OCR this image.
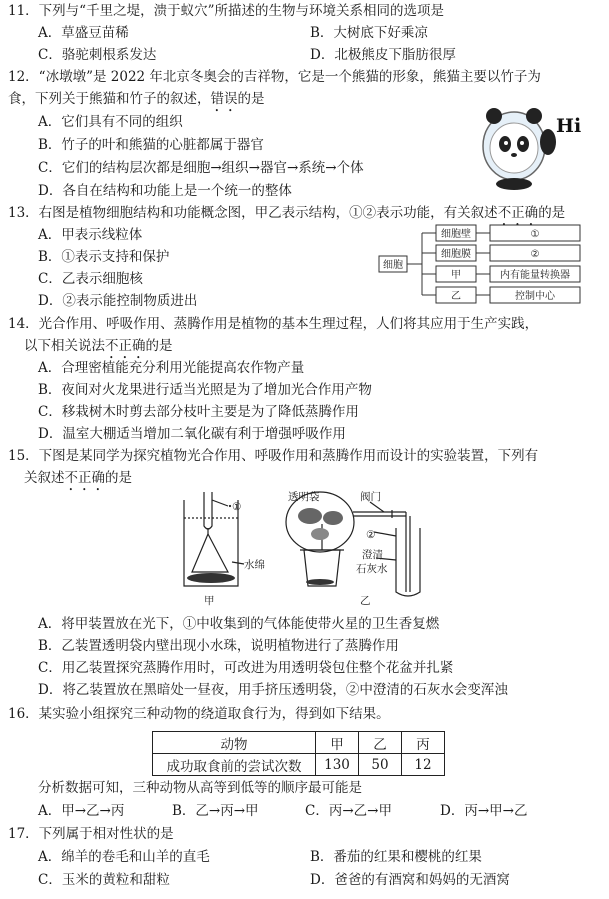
11．下列与“千里之堤，溃于蚁穴”所描述的生物与环境关系相同的选项是
A．草盛豆苗稀	B．大树底下好乘凉
C．骆驼刺根系发达	D．北极熊皮下脂肪很厚
12．“冰墩墩”是 2022 年北京冬奥会的吉祥物，它是一个熊猫的形象，熊猫主要以竹子为
食，下列关于熊猫和竹子的叙述，错误的是
A．它们具有不同的组织
B．竹子的叶和熊猫的心脏都属于器官
C．它们的结构层次都是细胞→组织→器官→系统→个体
D．各自在结构和功能上是一个统一的整体
Hi
13．右图是植物细胞结构和功能概念图，甲乙表示结构，①②表示功能，有关叙述不正确的是
A．甲表示线粒体
B．①表示支持和保护
C．乙表示细胞核
D．②表示能控制物质进出
细胞
细胞壁
细胞膜
甲
乙
①
②
内有能量转换器
控制中心
14．光合作用、呼吸作用、蒸腾作用是植物的基本生理过程，人们将其应用于生产实践，
以下相关说法不正确的是
A．合理密植能充分利用光能提高农作物产量
B．夜间对火龙果进行适当光照是为了增加光合作用产物
C．移栽树木时剪去部分枝叶主要是为了降低蒸腾作用
D．温室大棚适当增加二氧化碳有利于增强呼吸作用
15．下图是某同学为探究植物光合作用、呼吸作用和蒸腾作用而设计的实验装置，下列有
关叙述不正确的是
①
水绵
甲
透明袋	阀门
②
澄清
石灰水
乙
A．将甲装置放在光下，①中收集到的气体能使带火星的卫生香复燃
B．乙装置透明袋内壁出现小水珠，说明植物进行了蒸腾作用
C．用乙装置探究蒸腾作用时，可改进为用透明袋包住整个花盆并扎紧
D．将乙装置放在黑暗处一昼夜，用手挤压透明袋，②中澄清的石灰水会变浑浊
16．某实验小组探究三种动物的绕道取食行为，得到如下结果。
动物	甲	乙	丙
成功取食前的尝试次数	130	50	12
分析数据可知，三种动物从高等到低等的顺序最可能是
A．甲→乙→丙	B．乙→丙→甲	C．丙→乙→甲	D．丙→甲→乙
17．下列属于相对性状的是
A．绵羊的卷毛和山羊的直毛	B．番茄的红果和樱桃的红果
C．玉米的黄粒和甜粒	D．爸爸的有酒窝和妈妈的无酒窝
